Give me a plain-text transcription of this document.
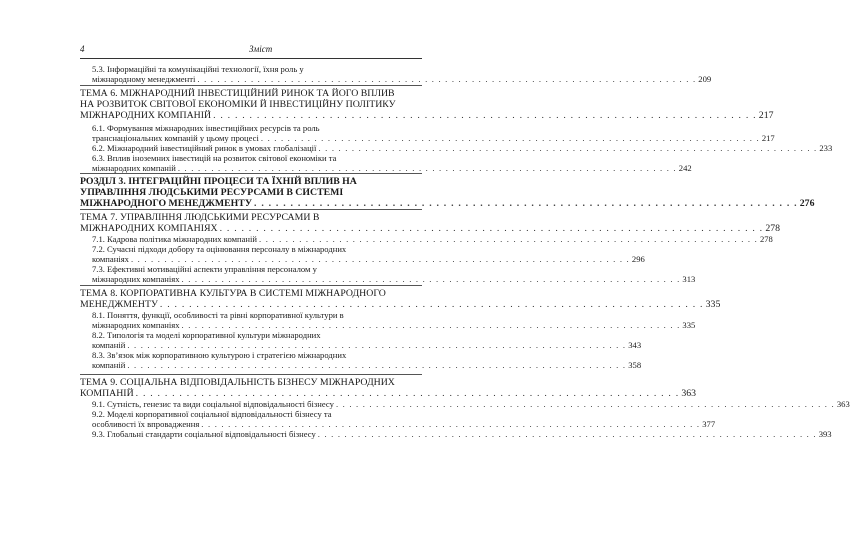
4	Зміст
5.3. Інформаційні та комунікаційні технології, їхня роль у
міжнародному менеджменті . . . . . . . . . . . . . . . . . . . . . . . . . . . . . . . . . . . . . . . . . . . . . . . . . . . . . . . . . . . . . . . . . . . . . . . . . . . 209
ТЕМА 6. МІЖНАРОДНИЙ ІНВЕСТИЦІЙНИЙ РИНОК ТА ЙОГО ВПЛИВ
НА РОЗВИТОК СВІТОВОЇ ЕКОНОМІКИ Й ІНВЕСТИЦІЙНУ ПОЛІТИКУ
МІЖНАРОДНИХ КОМПАНІЙ . . . . . . . . . . . . . . . . . . . . . . . . . . . . . . . . . . . . . . . . . . . . . . . . . . . . . . . . . . . . . . . . . . . . . . . . . . . 217
6.1. Формування міжнародних інвестиційних ресурсів та роль
транснаціональних компаній у цьому процесі . . . . . . . . . . . . . . . . . . . . . . . . . . . . . . . . . . . . . . . . . . . . . . . . . . . . . . . . . . . . . . . . . . . . . . . . . . . 217
6.2. Міжнародний інвестиційний ринок в умовах глобалізації . . . . . . . . . . . . . . . . . . . . . . . . . . . . . . . . . . . . . . . . . . . . . . . . . . . . . . . . . . . . . . . . . . . . . . . . . . . 233
6.3. Вплив іноземних інвестицій на розвиток світової економіки та
міжнародних компаній . . . . . . . . . . . . . . . . . . . . . . . . . . . . . . . . . . . . . . . . . . . . . . . . . . . . . . . . . . . . . . . . . . . . . . . . . . . 242
РОЗДІЛ 3. ІНТЕГРАЦІЙНІ ПРОЦЕСИ ТА ЇХНІЙ ВПЛИВ НА
УПРАВЛІННЯ ЛЮДСЬКИМИ РЕСУРСАМИ В СИСТЕМІ
МІЖНАРОДНОГО МЕНЕДЖМЕНТУ . . . . . . . . . . . . . . . . . . . . . . . . . . . . . . . . . . . . . . . . . . . . . . . . . . . . . . . . . . . . . . . . . . . . . . . . . . . 276
ТЕМА 7. УПРАВЛІННЯ ЛЮДСЬКИМИ РЕСУРСАМИ В
МІЖНАРОДНИХ КОМПАНІЯХ . . . . . . . . . . . . . . . . . . . . . . . . . . . . . . . . . . . . . . . . . . . . . . . . . . . . . . . . . . . . . . . . . . . . . . . . . . . 278
7.1. Кадрова політика міжнародних компаній . . . . . . . . . . . . . . . . . . . . . . . . . . . . . . . . . . . . . . . . . . . . . . . . . . . . . . . . . . . . . . . . . . . . . . . . . . . 278
7.2. Сучасні підходи добору та оцінювання персоналу в міжнародних
компаніях . . . . . . . . . . . . . . . . . . . . . . . . . . . . . . . . . . . . . . . . . . . . . . . . . . . . . . . . . . . . . . . . . . . . . . . . . . . 296
7.3. Ефективні мотиваційні аспекти управління персоналом у
міжнародних компаніях . . . . . . . . . . . . . . . . . . . . . . . . . . . . . . . . . . . . . . . . . . . . . . . . . . . . . . . . . . . . . . . . . . . . . . . . . . . 313
ТЕМА 8. КОРПОРАТИВНА КУЛЬТУРА В СИСТЕМІ МІЖНАРОДНОГО
МЕНЕДЖМЕНТУ . . . . . . . . . . . . . . . . . . . . . . . . . . . . . . . . . . . . . . . . . . . . . . . . . . . . . . . . . . . . . . . . . . . . . . . . . . . 335
8.1. Поняття, функції, особливості та рівні корпоративної культури в
міжнародних компаніях . . . . . . . . . . . . . . . . . . . . . . . . . . . . . . . . . . . . . . . . . . . . . . . . . . . . . . . . . . . . . . . . . . . . . . . . . . . 335
8.2. Типологія та моделі корпоративної культури міжнародних
компаній . . . . . . . . . . . . . . . . . . . . . . . . . . . . . . . . . . . . . . . . . . . . . . . . . . . . . . . . . . . . . . . . . . . . . . . . . . . 343
8.3. Зв’язок між корпоративною культурою і стратегією міжнародних
компаній . . . . . . . . . . . . . . . . . . . . . . . . . . . . . . . . . . . . . . . . . . . . . . . . . . . . . . . . . . . . . . . . . . . . . . . . . . . 358
ТЕМА 9. СОЦІАЛЬНА ВІДПОВІДАЛЬНІСТЬ БІЗНЕСУ МІЖНАРОДНИХ
КОМПАНІЙ . . . . . . . . . . . . . . . . . . . . . . . . . . . . . . . . . . . . . . . . . . . . . . . . . . . . . . . . . . . . . . . . . . . . . . . . . . . 363
9.1. Сутність, генезис та види соціальної відповідальності бізнесу . . . . . . . . . . . . . . . . . . . . . . . . . . . . . . . . . . . . . . . . . . . . . . . . . . . . . . . . . . . . . . . . . . . . . . . . . . . 363
9.2. Моделі корпоративної соціальної відповідальності бізнесу та
особливості їх впровадження . . . . . . . . . . . . . . . . . . . . . . . . . . . . . . . . . . . . . . . . . . . . . . . . . . . . . . . . . . . . . . . . . . . . . . . . . . . 377
9.3. Глобальні стандарти соціальної відповідальності бізнесу . . . . . . . . . . . . . . . . . . . . . . . . . . . . . . . . . . . . . . . . . . . . . . . . . . . . . . . . . . . . . . . . . . . . . . . . . . . 393
